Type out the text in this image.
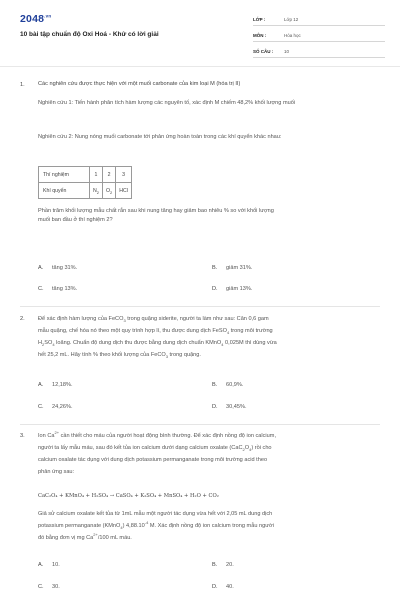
$2048^{.vn}$
10 bài tập chuẩn độ Oxi Hoá - Khử có lời giải
LỚP :	Lớp 12
MÔN :	Hóa học
SỐ CÂU :	10
1. Các nghiên cứu được thực hiện với một muối carbonate của kim loại M (hóa trị II)
Nghiên cứu 1: Tiến hành phân tích hàm lượng các nguyên tố, xác định M chiếm 48,2% khối lượng muối
Nghiên cứu 2: Nung nóng muối carbonate tới phản ứng hoàn toàn trong các khí quyển khác nhau:
Thí nghiệm	1	2	3
Khí quyển	$N_2$	$O_2$	HCl
Phần trăm khối lượng mẫu chất rắn sau khi nung tăng hay giảm bao nhiêu % so với khối lượng
muối ban đầu ở thí nghiệm 2?
A.	tăng 31%.	B.	giảm 31%.
C.	tăng 13%.	D.	giảm 13%.
2. Để xác định hàm lượng của FeCO$_3$ trong quặng siderite, người ta làm như sau: Cân 0,6 gam
mẫu quặng, chế hóa nó theo một quy trình hợp lí, thu được dung dịch FeSO$_4$ trong môi trường
$H_2SO_4$ loãng. Chuẩn độ dung dịch thu được bằng dung dịch chuẩn KMnO$_4$ 0,025M thì dùng vừa
hết 25,2 mL. Hãy tính % theo khối lượng của FeCO$_3$ trong quặng.
A.	12,18%.	B.	60,9%.
C.	24,26%.	D.	30,45%.
3. Ion $Ca^{2+}$ cần thiết cho máu của người hoạt động bình thường. Để xác định nồng độ ion calcium,
người ta lấy mẫu máu, sau đó kết tủa ion calcium dưới dạng calcium oxalate $(CaC_2O_4)$ rồi cho
calcium oxalate tác dụng với dung dịch potassium permanganate trong môi trường acid theo
phản ứng sau:
CaC₂O₄ + KMnO₄ + H₂SO₄ → CaSO₄ + K₂SO₄ + MnSO₄ + H₂O + CO₂
Giả sử calcium oxalate kết tủa từ 1mL mẫu một người tác dụng vừa hết với 2,05 mL dung dịch
potassium permanganate (KMnO$_4$) $4,88.10^{-4}$ M. Xác định nồng độ ion calcium trong mẫu người
đó bằng đơn vị mg $Ca^{2+}/100$ mL máu.
A.	10.	B.	20.
C.	30.	D.	40.
